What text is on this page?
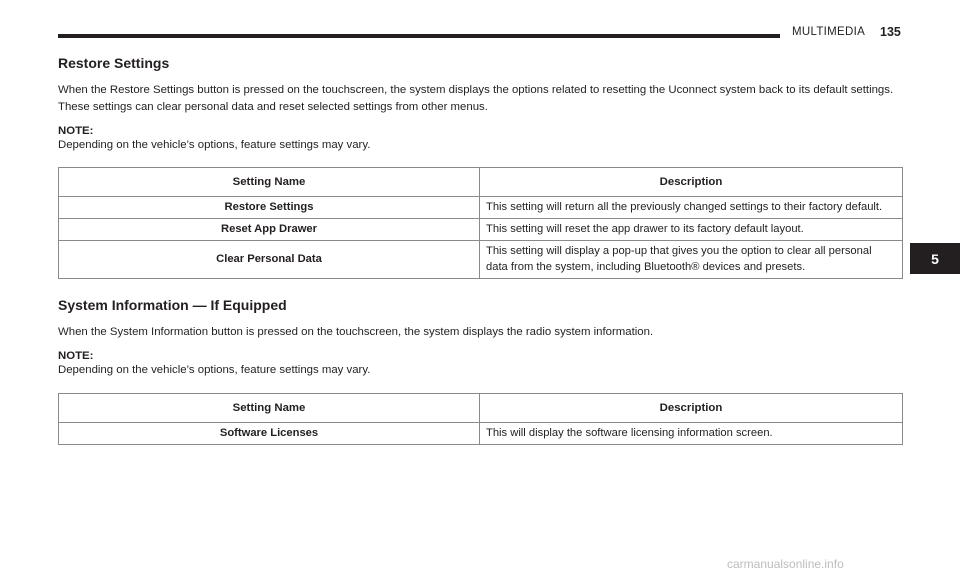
MULTIMEDIA 135
5
Restore Settings

When the Restore Settings button is pressed on the touchscreen, the system displays the options related to resetting the Uconnect system back to its default settings. These settings can clear personal data and reset selected settings from other menus.

NOTE:

Depending on the vehicle’s options, feature settings may vary.

Setting Name	Description
Restore Settings	This setting will return all the previously changed settings to their factory default.
Reset App Drawer	This setting will reset the app drawer to its factory default layout.
Clear Personal Data	This setting will display a pop-up that gives you the option to clear all personal data from the system, including Bluetooth® devices and presets.
System Information — If Equipped

When the System Information button is pressed on the touchscreen, the system displays the radio system information.

NOTE:

Depending on the vehicle’s options, feature settings may vary.

Setting Name	Description
Software Licenses	This will display the software licensing information screen.
carmanualsonline.info
